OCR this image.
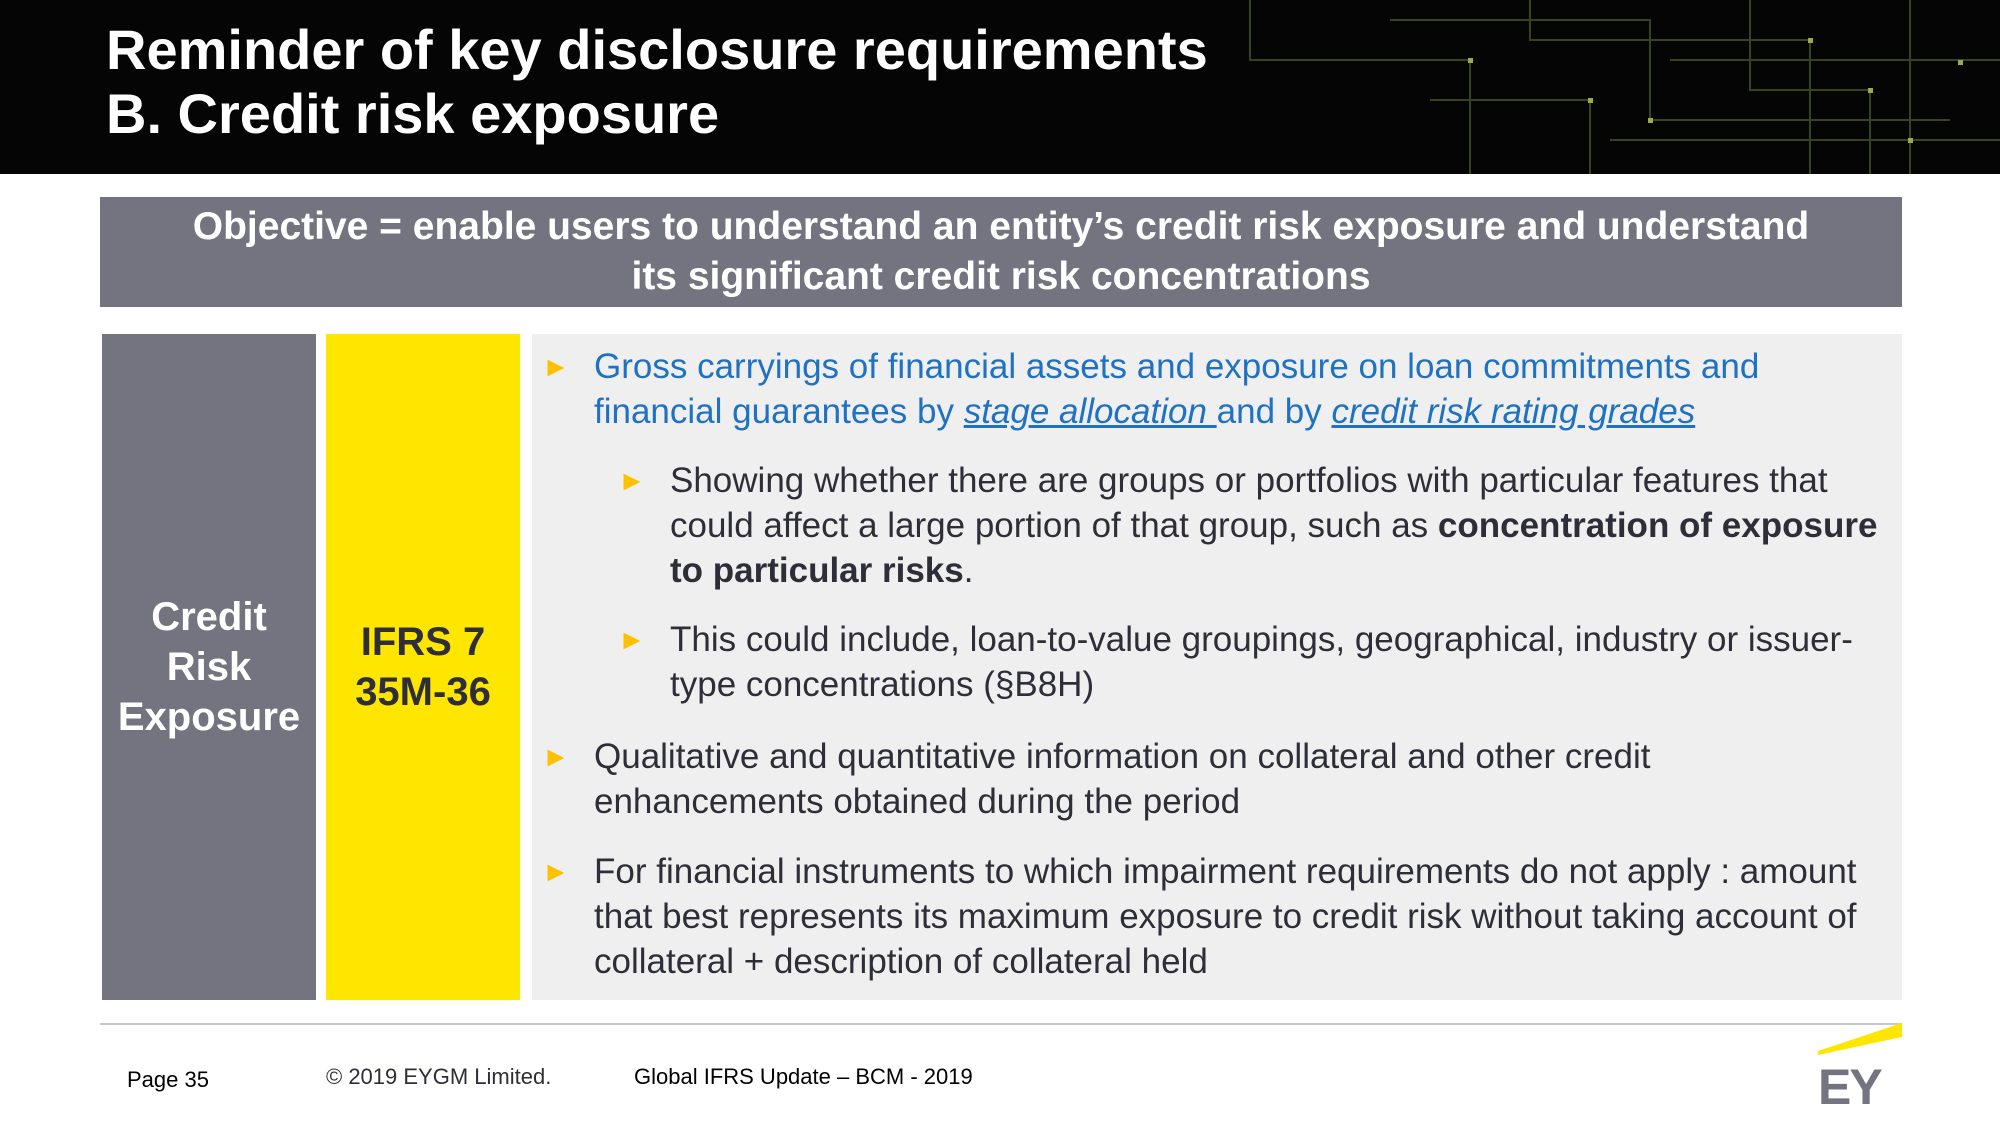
Reminder of key disclosure requirements
B. Credit risk exposure
Objective = enable users to understand an entity’s credit risk exposure and understand
its significant credit risk concentrations
Credit
Risk
Exposure
IFRS 7
35M-36
► Gross carryings of financial assets and exposure on loan commitments and financial guarantees by stage allocation and by credit risk rating grades
► Showing whether there are groups or portfolios with particular features that could affect a large portion of that group, such as concentration of exposure to particular risks.
► This could include, loan-to-value groupings, geographical, industry or issuer-type concentrations (§B8H)
► Qualitative and quantitative information on collateral and other credit enhancements obtained during the period
► For financial instruments to which impairment requirements do not apply : amount that best represents its maximum exposure to credit risk without taking account of collateral + description of collateral held
Page 35	© 2019 EYGM Limited.	Global IFRS Update – BCM - 2019	EY
